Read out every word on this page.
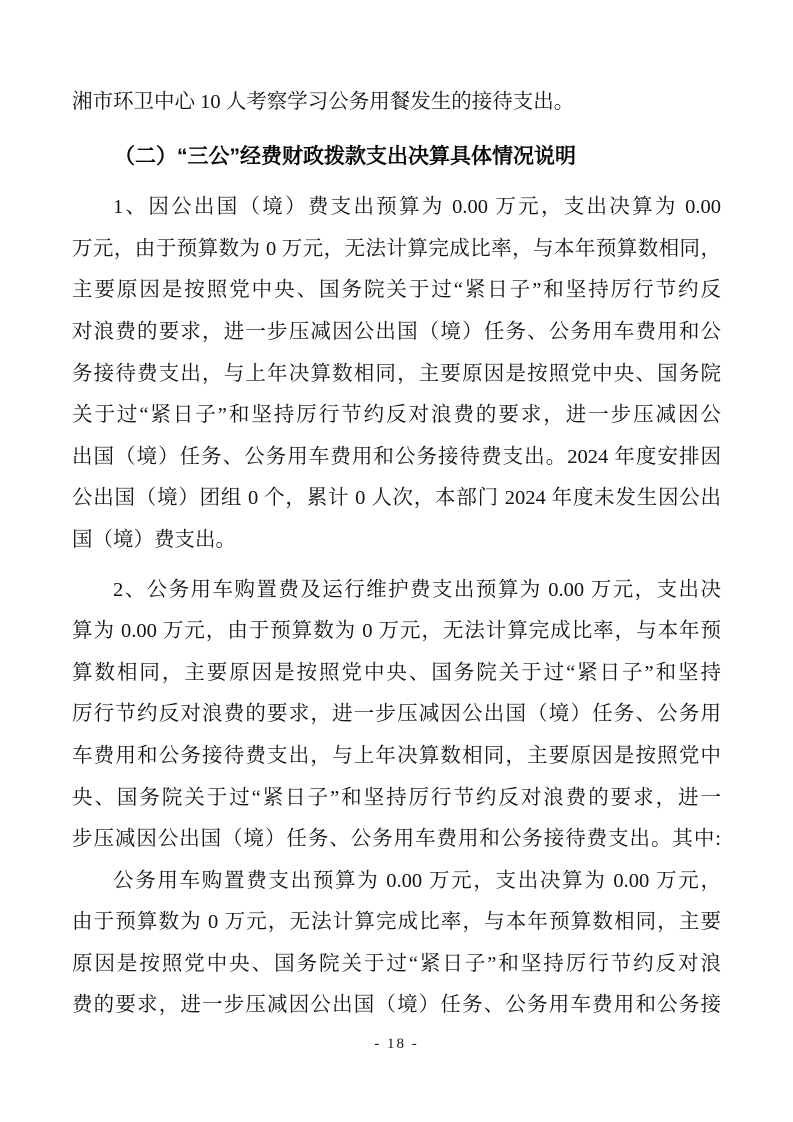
湘市环卫中心 10 人考察学习公务用餐发生的接待支出。
（二）“三公”经费财政拨款支出决算具体情况说明
1、因公出国（境）费支出预算为 0.00 万元，支出决算为 0.00
万元，由于预算数为 0 万元，无法计算完成比率，与本年预算数相同，
主要原因是按照党中央、国务院关于过“紧日子”和坚持厉行节约反
对浪费的要求，进一步压减因公出国（境）任务、公务用车费用和公
务接待费支出，与上年决算数相同，主要原因是按照党中央、国务院
关于过“紧日子”和坚持厉行节约反对浪费的要求，进一步压减因公
出国（境）任务、公务用车费用和公务接待费支出。2024 年度安排因
公出国（境）团组 0 个，累计 0 人次，本部门 2024 年度未发生因公出
国（境）费支出。
2、公务用车购置费及运行维护费支出预算为 0.00 万元，支出决
算为 0.00 万元，由于预算数为 0 万元，无法计算完成比率，与本年预
算数相同，主要原因是按照党中央、国务院关于过“紧日子”和坚持
厉行节约反对浪费的要求，进一步压减因公出国（境）任务、公务用
车费用和公务接待费支出，与上年决算数相同，主要原因是按照党中
央、国务院关于过“紧日子”和坚持厉行节约反对浪费的要求，进一
步压减因公出国（境）任务、公务用车费用和公务接待费支出。其中:
公务用车购置费支出预算为 0.00 万元，支出决算为 0.00 万元，
由于预算数为 0 万元，无法计算完成比率，与本年预算数相同，主要
原因是按照党中央、国务院关于过“紧日子”和坚持厉行节约反对浪
费的要求，进一步压减因公出国（境）任务、公务用车费用和公务接
- 18 -
